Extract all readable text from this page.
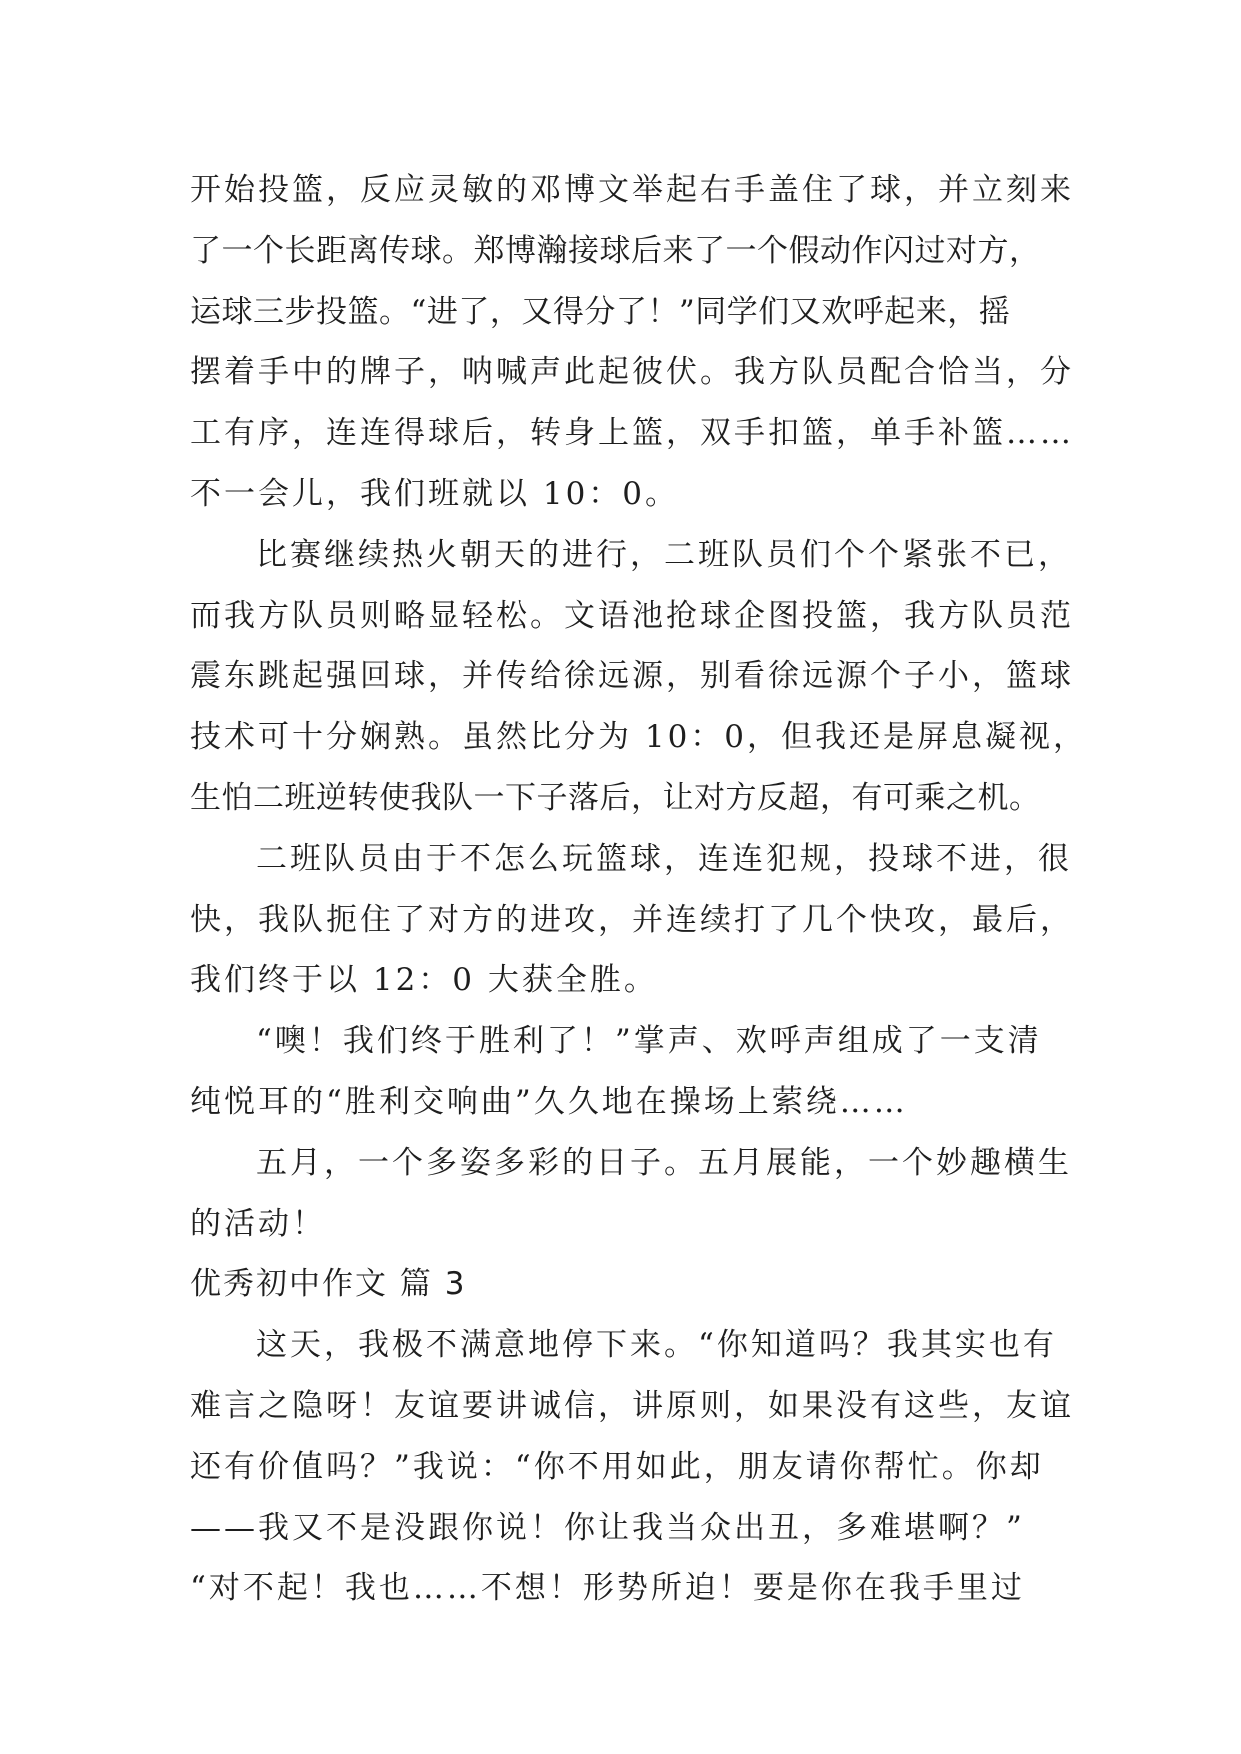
开始投篮，反应灵敏的邓博文举起右手盖住了球，并立刻来
了一个长距离传球。郑博瀚接球后来了一个假动作闪过对方，
运球三步投篮。“进了，又得分了！”同学们又欢呼起来，摇
摆着手中的牌子，呐喊声此起彼伏。我方队员配合恰当，分
工有序，连连得球后，转身上篮，双手扣篮，单手补篮……
不一会儿，我们班就以 10：0。
比赛继续热火朝天的进行，二班队员们个个紧张不已，
而我方队员则略显轻松。文语池抢球企图投篮，我方队员范
震东跳起强回球，并传给徐远源，别看徐远源个子小，篮球
技术可十分娴熟。虽然比分为 10：0，但我还是屏息凝视，
生怕二班逆转使我队一下子落后，让对方反超，有可乘之机。
二班队员由于不怎么玩篮球，连连犯规，投球不进，很
快，我队扼住了对方的进攻，并连续打了几个快攻，最后，
我们终于以 12：0 大获全胜。
“噢！我们终于胜利了！”掌声、欢呼声组成了一支清
纯悦耳的“胜利交响曲”久久地在操场上萦绕……
五月，一个多姿多彩的日子。五月展能，一个妙趣横生
的活动！
优秀初中作文 篇 3
这天，我极不满意地停下来。“你知道吗？我其实也有
难言之隐呀！友谊要讲诚信，讲原则，如果没有这些，友谊
还有价值吗？”我说：“你不用如此，朋友请你帮忙。你却
——我又不是没跟你说！你让我当众出丑，多难堪啊？”
“对不起！我也……不想！形势所迫！要是你在我手里过
